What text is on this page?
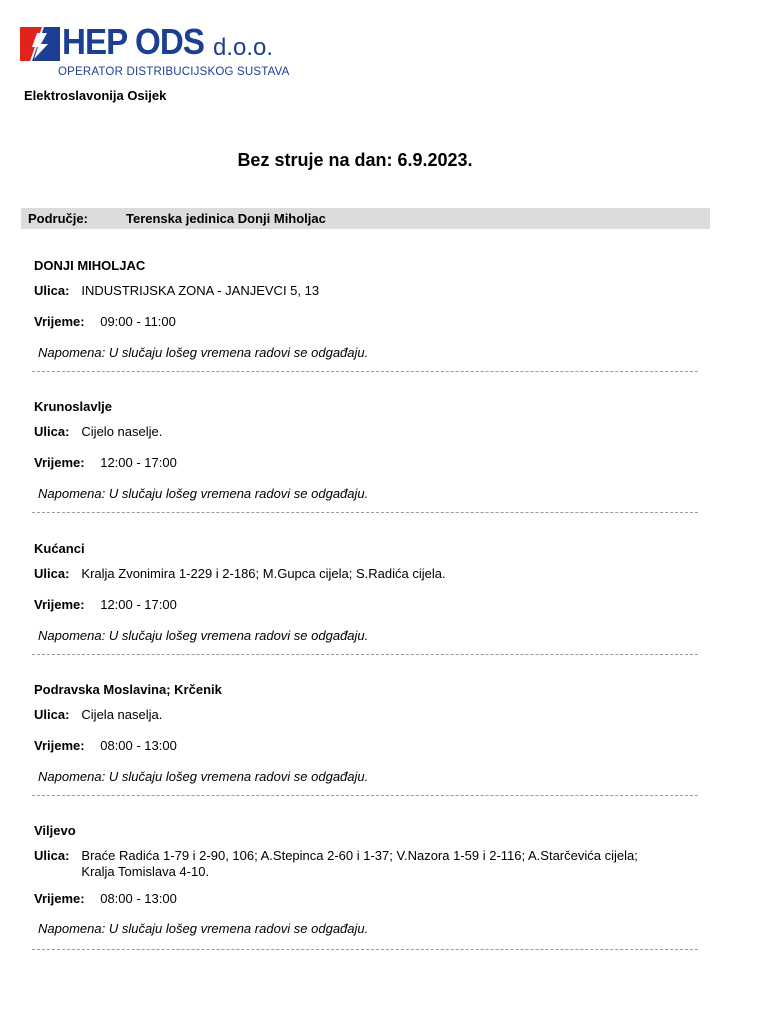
HEP ODS d.o.o.
OPERATOR DISTRIBUCIJSKOG SUSTAVA
Elektroslavonija Osijek
Bez struje na dan: 6.9.2023.
Područje:	Terenska jedinica Donji Miholjac
DONJI MIHOLJAC
Ulica: INDUSTRIJSKA ZONA - JANJEVCI 5, 13
Vrijeme: 09:00 - 11:00
Napomena: U slučaju lošeg vremena radovi se odgađaju.
Krunoslavlje
Ulica: Cijelo naselje.
Vrijeme: 12:00 - 17:00
Napomena: U slučaju lošeg vremena radovi se odgađaju.
Kućanci
Ulica: Kralja Zvonimira 1-229 i 2-186; M.Gupca cijela; S.Radića cijela.
Vrijeme: 12:00 - 17:00
Napomena: U slučaju lošeg vremena radovi se odgađaju.
Podravska Moslavina; Krčenik
Ulica: Cijela naselja.
Vrijeme: 08:00 - 13:00
Napomena: U slučaju lošeg vremena radovi se odgađaju.
Viljevo
Ulica: Braće Radića 1-79 i 2-90, 106; A.Stepinca 2-60 i 1-37; V.Nazora 1-59 i 2-116; A.Starčevića cijela; Kralja Tomislava 4-10.
Vrijeme: 08:00 - 13:00
Napomena: U slučaju lošeg vremena radovi se odgađaju.
